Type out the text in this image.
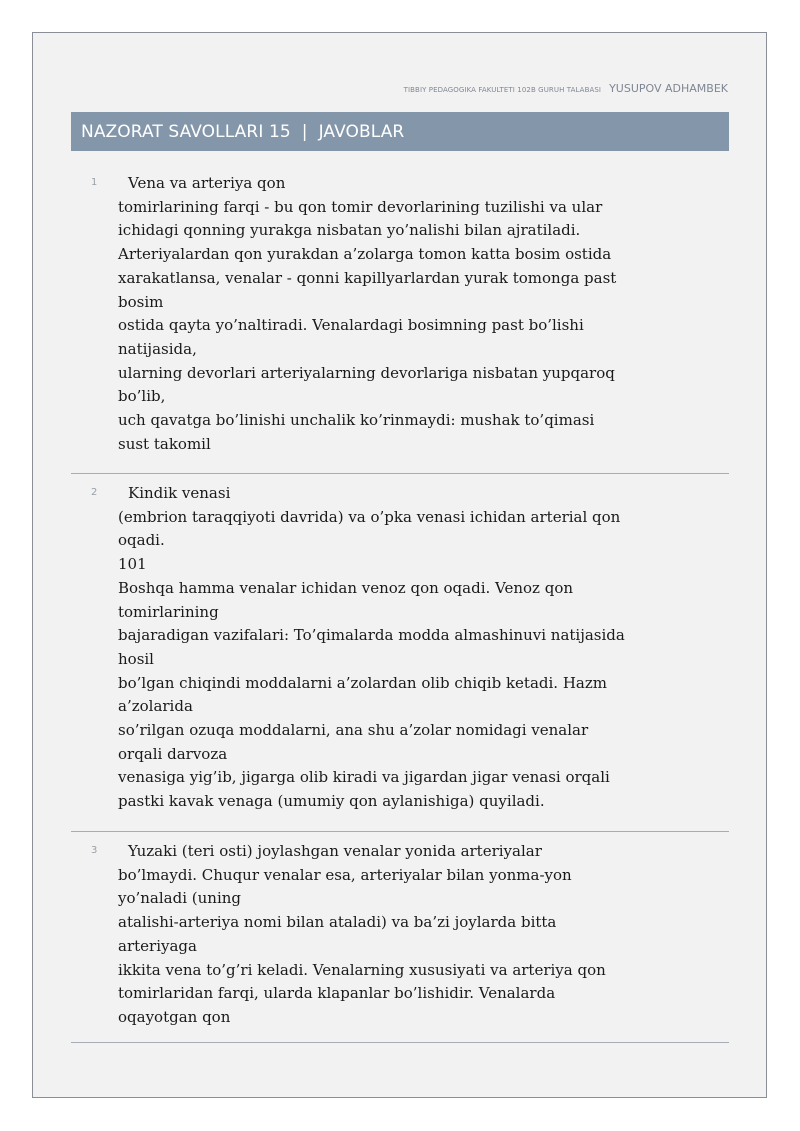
TIBBIY PEDAGOGIKA FAKULTETI 102B GURUH TALABASI YUSUPOV ADHAMBEK
NAZORAT SAVOLLARI 15 | JAVOBLAR
1	Vena va arteriya qon
tomirlarining farqi - bu qon tomir devorlarining tuzilishi va ular
ichidagi qonning yurakga nisbatan yo’nalishi bilan ajratiladi.
Arteriyalardan qon yurakdan a’zolarga tomon katta bosim ostida
xarakatlansa, venalar - qonni kapillyarlardan yurak tomonga past
bosim
ostida qayta yo’naltiradi. Venalardagi bosimning past bo’lishi
natijasida,
ularning devorlari arteriyalarning devorlariga nisbatan yupqaroq
bo’lib,
uch qavatga bo’linishi unchalik ko’rinmaydi: mushak to’qimasi
sust takomil
2	Kindik venasi
(embrion taraqqiyoti davrida) va o’pka venasi ichidan arterial qon
oqadi.
101
Boshqa hamma venalar ichidan venoz qon oqadi. Venoz qon
tomirlarining
bajaradigan vazifalari: To’qimalarda modda almashinuvi natijasida
hosil
bo’lgan chiqindi moddalarni a’zolardan olib chiqib ketadi. Hazm
a’zolarida
so’rilgan ozuqa moddalarni, ana shu a’zolar nomidagi venalar
orqali darvoza
venasiga yig’ib, jigarga olib kiradi va jigardan jigar venasi orqali
pastki kavak venaga (umumiy qon aylanishiga) quyiladi.
3	Yuzaki (teri osti) joylashgan venalar yonida arteriyalar
bo’lmaydi. Chuqur venalar esa, arteriyalar bilan yonma-yon
yo’naladi (uning
atalishi-arteriya nomi bilan ataladi) va ba’zi joylarda bitta
arteriyaga
ikkita vena to’g’ri keladi. Venalarning xususiyati va arteriya qon
tomirlaridan farqi, ularda klapanlar bo’lishidir. Venalarda
oqayotgan qon
